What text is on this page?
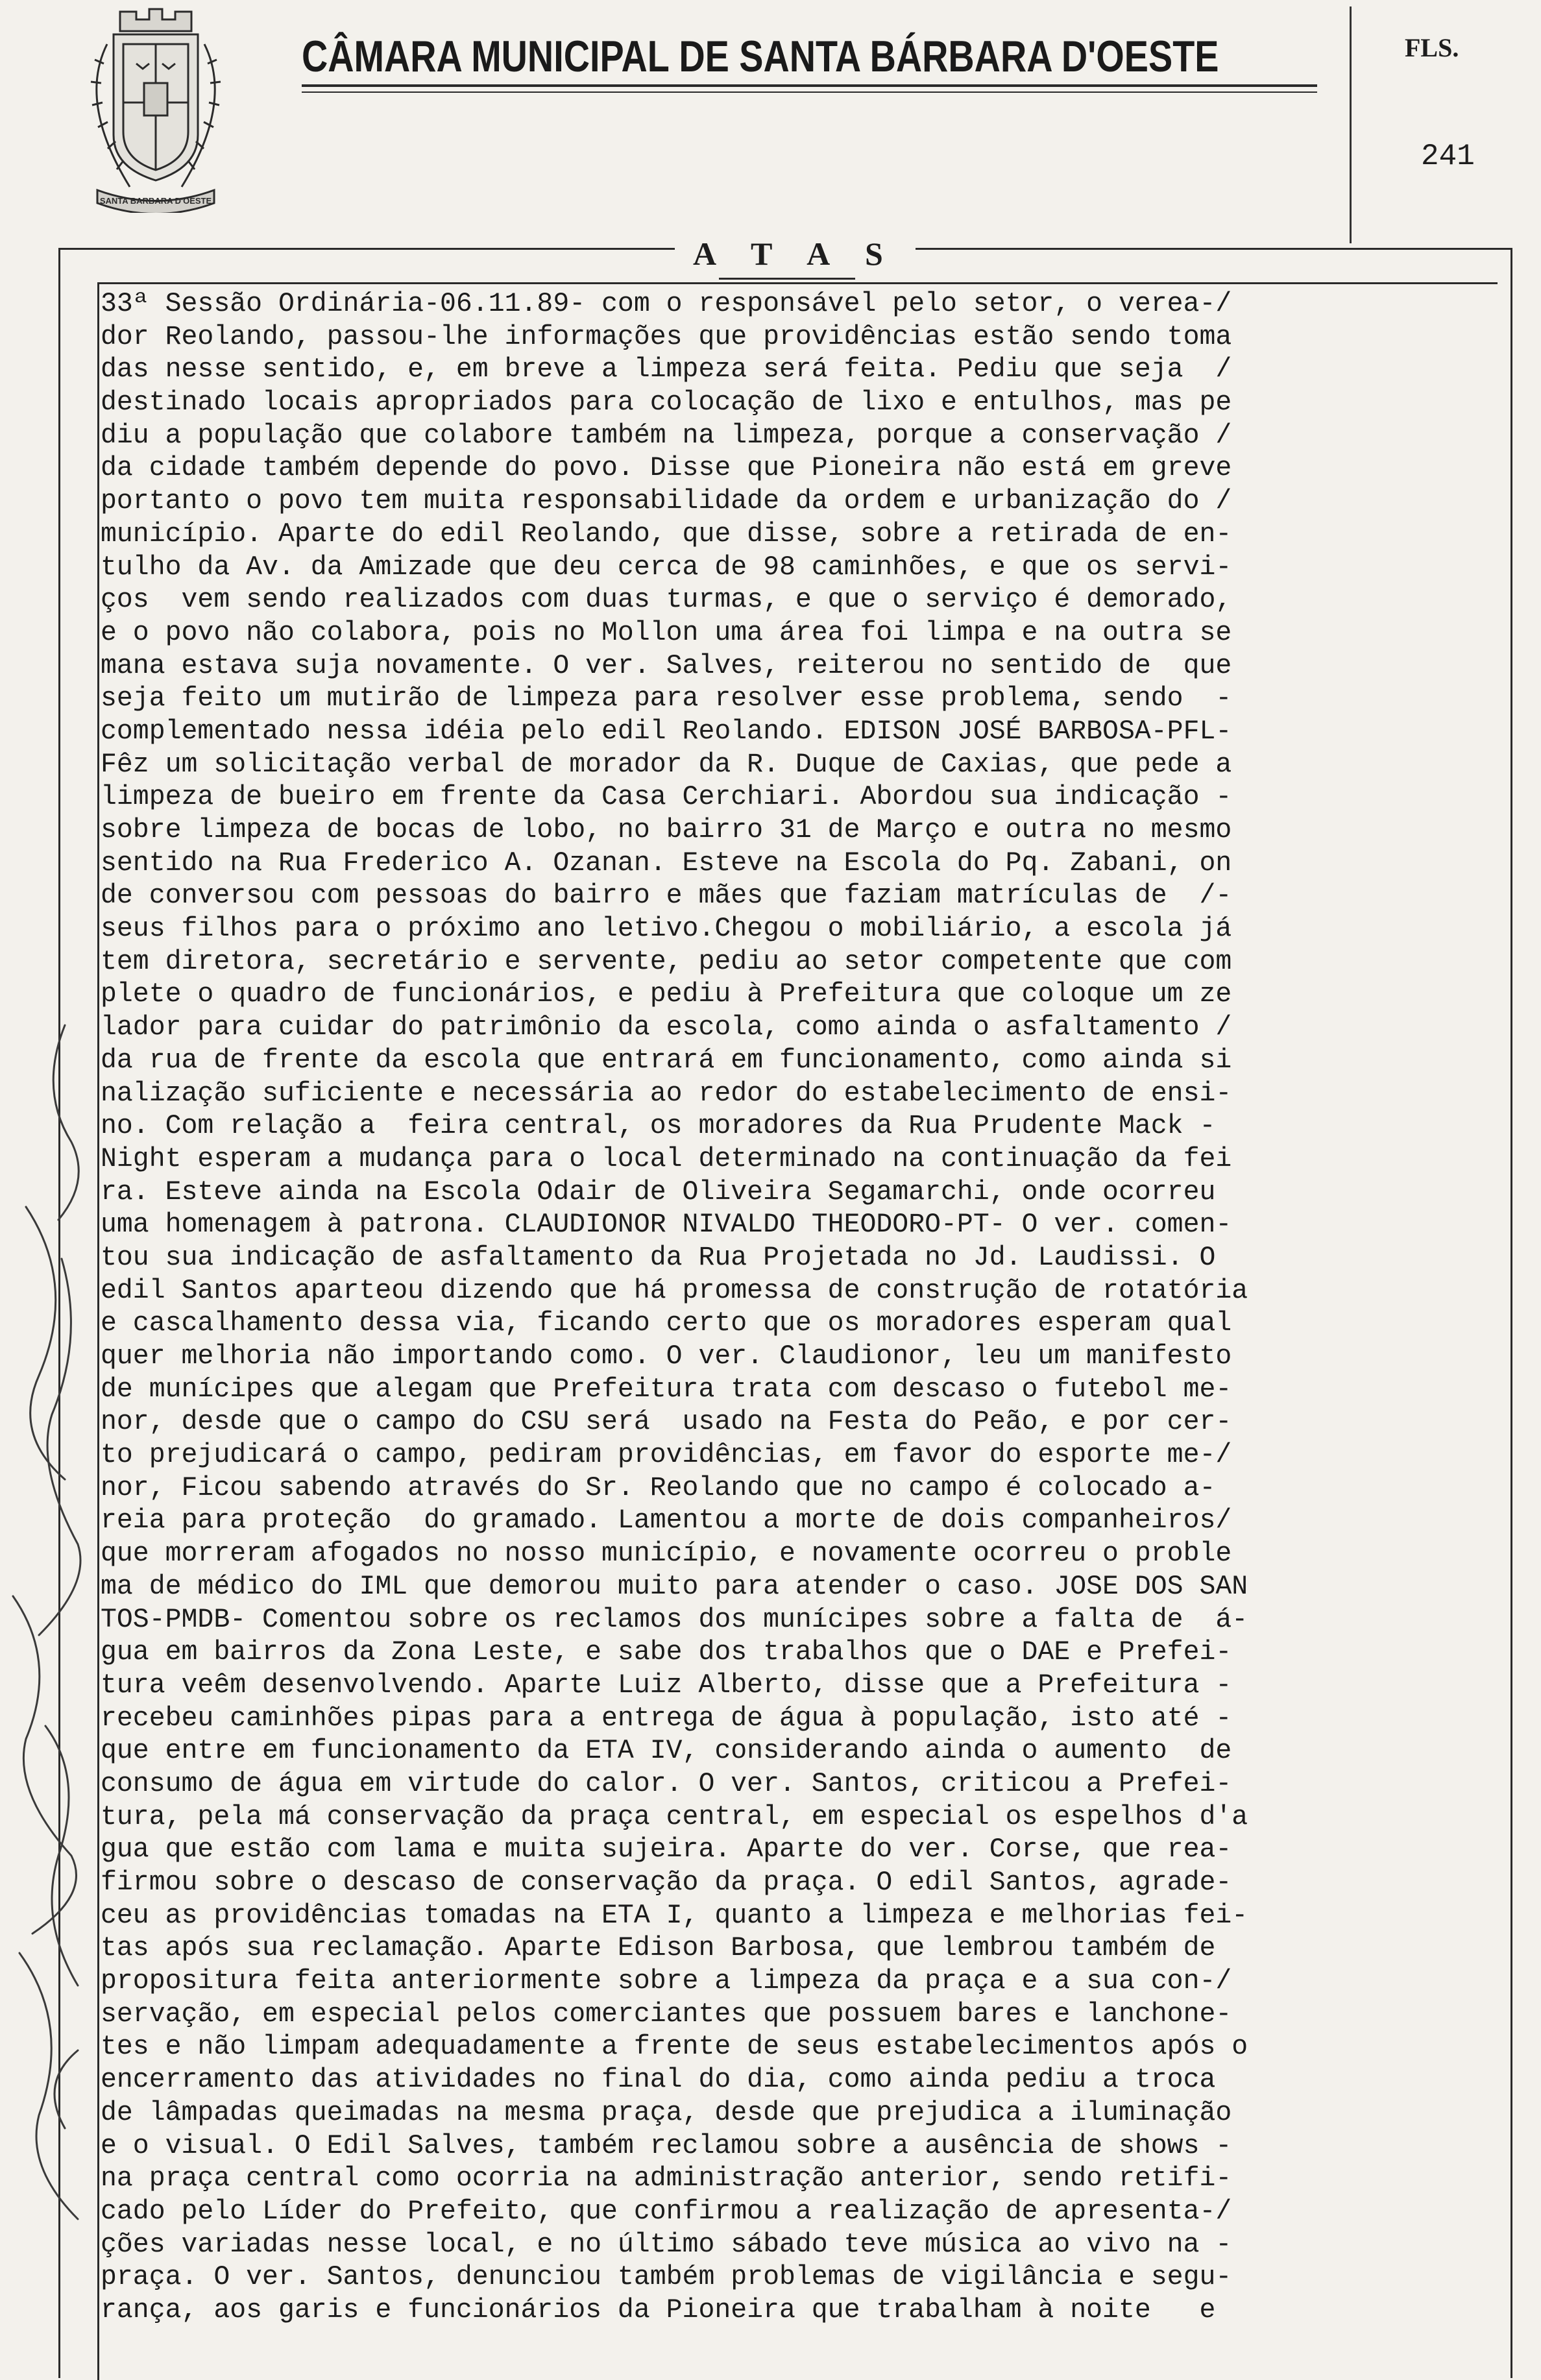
SANTA BARBARA D'OESTE
CÂMARA MUNICIPAL DE SANTA BÁRBARA D'OESTE	FLS.
241
A T A S
33ª Sessão Ordinária-06.11.89- com o responsável pelo setor, o verea-/
dor Reolando, passou-lhe informações que providências estão sendo toma
das nesse sentido, e, em breve a limpeza será feita. Pediu que seja  /
destinado locais apropriados para colocação de lixo e entulhos, mas pe
diu a população que colabore também na limpeza, porque a conservação /
da cidade também depende do povo. Disse que Pioneira não está em greve
portanto o povo tem muita responsabilidade da ordem e urbanização do /
município. Aparte do edil Reolando, que disse, sobre a retirada de en-
tulho da Av. da Amizade que deu cerca de 98 caminhões, e que os servi-
ços  vem sendo realizados com duas turmas, e que o serviço é demorado,
e o povo não colabora, pois no Mollon uma área foi limpa e na outra se
mana estava suja novamente. O ver. Salves, reiterou no sentido de  que
seja feito um mutirão de limpeza para resolver esse problema, sendo  -
complementado nessa idéia pelo edil Reolando. EDISON JOSÉ BARBOSA-PFL-
Fêz um solicitação verbal de morador da R. Duque de Caxias, que pede a
limpeza de bueiro em frente da Casa Cerchiari. Abordou sua indicação -
sobre limpeza de bocas de lobo, no bairro 31 de Março e outra no mesmo
sentido na Rua Frederico A. Ozanan. Esteve na Escola do Pq. Zabani, on
de conversou com pessoas do bairro e mães que faziam matrículas de  /-
seus filhos para o próximo ano letivo.Chegou o mobiliário, a escola já
tem diretora, secretário e servente, pediu ao setor competente que com
plete o quadro de funcionários, e pediu à Prefeitura que coloque um ze
lador para cuidar do patrimônio da escola, como ainda o asfaltamento /
da rua de frente da escola que entrará em funcionamento, como ainda si
nalização suficiente e necessária ao redor do estabelecimento de ensi-
no. Com relação a  feira central, os moradores da Rua Prudente Mack -
Night esperam a mudança para o local determinado na continuação da fei
ra. Esteve ainda na Escola Odair de Oliveira Segamarchi, onde ocorreu
uma homenagem à patrona. CLAUDIONOR NIVALDO THEODORO-PT- O ver. comen-
tou sua indicação de asfaltamento da Rua Projetada no Jd. Laudissi. O
edil Santos aparteou dizendo que há promessa de construção de rotatória
e cascalhamento dessa via, ficando certo que os moradores esperam qual
quer melhoria não importando como. O ver. Claudionor, leu um manifesto
de munícipes que alegam que Prefeitura trata com descaso o futebol me-
nor, desde que o campo do CSU será  usado na Festa do Peão, e por cer-
to prejudicará o campo, pediram providências, em favor do esporte me-/
nor, Ficou sabendo através do Sr. Reolando que no campo é colocado a-
reia para proteção  do gramado. Lamentou a morte de dois companheiros/
que morreram afogados no nosso município, e novamente ocorreu o proble
ma de médico do IML que demorou muito para atender o caso. JOSE DOS SAN
TOS-PMDB- Comentou sobre os reclamos dos munícipes sobre a falta de  á-
gua em bairros da Zona Leste, e sabe dos trabalhos que o DAE e Prefei-
tura veêm desenvolvendo. Aparte Luiz Alberto, disse que a Prefeitura -
recebeu caminhões pipas para a entrega de água à população, isto até -
que entre em funcionamento da ETA IV, considerando ainda o aumento  de
consumo de água em virtude do calor. O ver. Santos, criticou a Prefei-
tura, pela má conservação da praça central, em especial os espelhos d'a
gua que estão com lama e muita sujeira. Aparte do ver. Corse, que rea-
firmou sobre o descaso de conservação da praça. O edil Santos, agrade-
ceu as providências tomadas na ETA I, quanto a limpeza e melhorias fei-
tas após sua reclamação. Aparte Edison Barbosa, que lembrou também de
propositura feita anteriormente sobre a limpeza da praça e a sua con-/
servação, em especial pelos comerciantes que possuem bares e lanchone-
tes e não limpam adequadamente a frente de seus estabelecimentos após o
encerramento das atividades no final do dia, como ainda pediu a troca
de lâmpadas queimadas na mesma praça, desde que prejudica a iluminação
e o visual. O Edil Salves, também reclamou sobre a ausência de shows -
na praça central como ocorria na administração anterior, sendo retifi-
cado pelo Líder do Prefeito, que confirmou a realização de apresenta-/
ções variadas nesse local, e no último sábado teve música ao vivo na -
praça. O ver. Santos, denunciou também problemas de vigilância e segu-
rança, aos garis e funcionários da Pioneira que trabalham à noite   e
